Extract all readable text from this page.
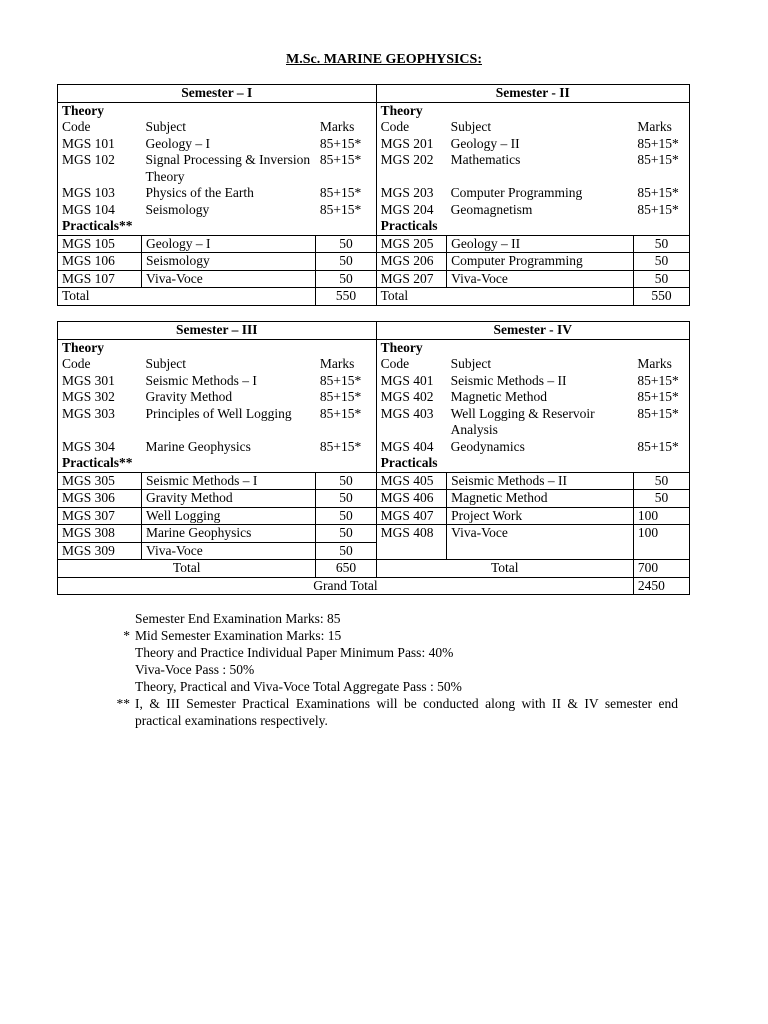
M.Sc. MARINE GEOPHYSICS:
Semester – I			Semester - II		
Theory			Theory		
Code	Subject	Marks	Code	Subject	Marks
MGS 101	Geology – I	85+15*	MGS 201	Geology – II	85+15*
MGS 102	Signal Processing & Inversion Theory	85+15*	MGS 202	Mathematics	85+15*
MGS 103	Physics of the Earth	85+15*	MGS 203	Computer Programming	85+15*
MGS 104	Seismology	85+15*	MGS 204	Geomagnetism	85+15*
Practicals**			Practicals		
MGS 105	Geology – I	50	MGS 205	Geology – II	50
MGS 106	Seismology	50	MGS 206	Computer Programming	50
MGS 107	Viva-Voce	50	MGS 207	Viva-Voce	50
Total		550	Total		550
Semester – III			Semester - IV		
Theory			Theory		
Code	Subject	Marks	Code	Subject	Marks
MGS 301	Seismic Methods – I	85+15*	MGS 401	Seismic Methods – II	85+15*
MGS 302	Gravity Method	85+15*	MGS 402	Magnetic Method	85+15*
MGS 303	Principles of Well Logging	85+15*	MGS 403	Well Logging & Reservoir Analysis	85+15*
MGS 304	Marine Geophysics	85+15*	MGS 404	Geodynamics	85+15*
Practicals**			Practicals		
MGS 305	Seismic Methods – I	50	MGS 405	Seismic Methods – II	50
MGS 306	Gravity Method	50	MGS 406	Magnetic Method	50
MGS 307	Well Logging	50	MGS 407	Project Work	100
MGS 308	Marine Geophysics	50	MGS 408	Viva-Voce	100
MGS 309	Viva-Voce	50			
Total		650	Total		700
Grand Total					2450
Semester End Examination Marks: 85
* Mid Semester Examination Marks: 15
Theory and Practice Individual Paper Minimum Pass: 40%
Viva-Voce Pass : 50%
Theory, Practical and Viva-Voce Total Aggregate Pass : 50%
** I, & III Semester Practical Examinations will be conducted along with II & IV semester end practical examinations respectively.
